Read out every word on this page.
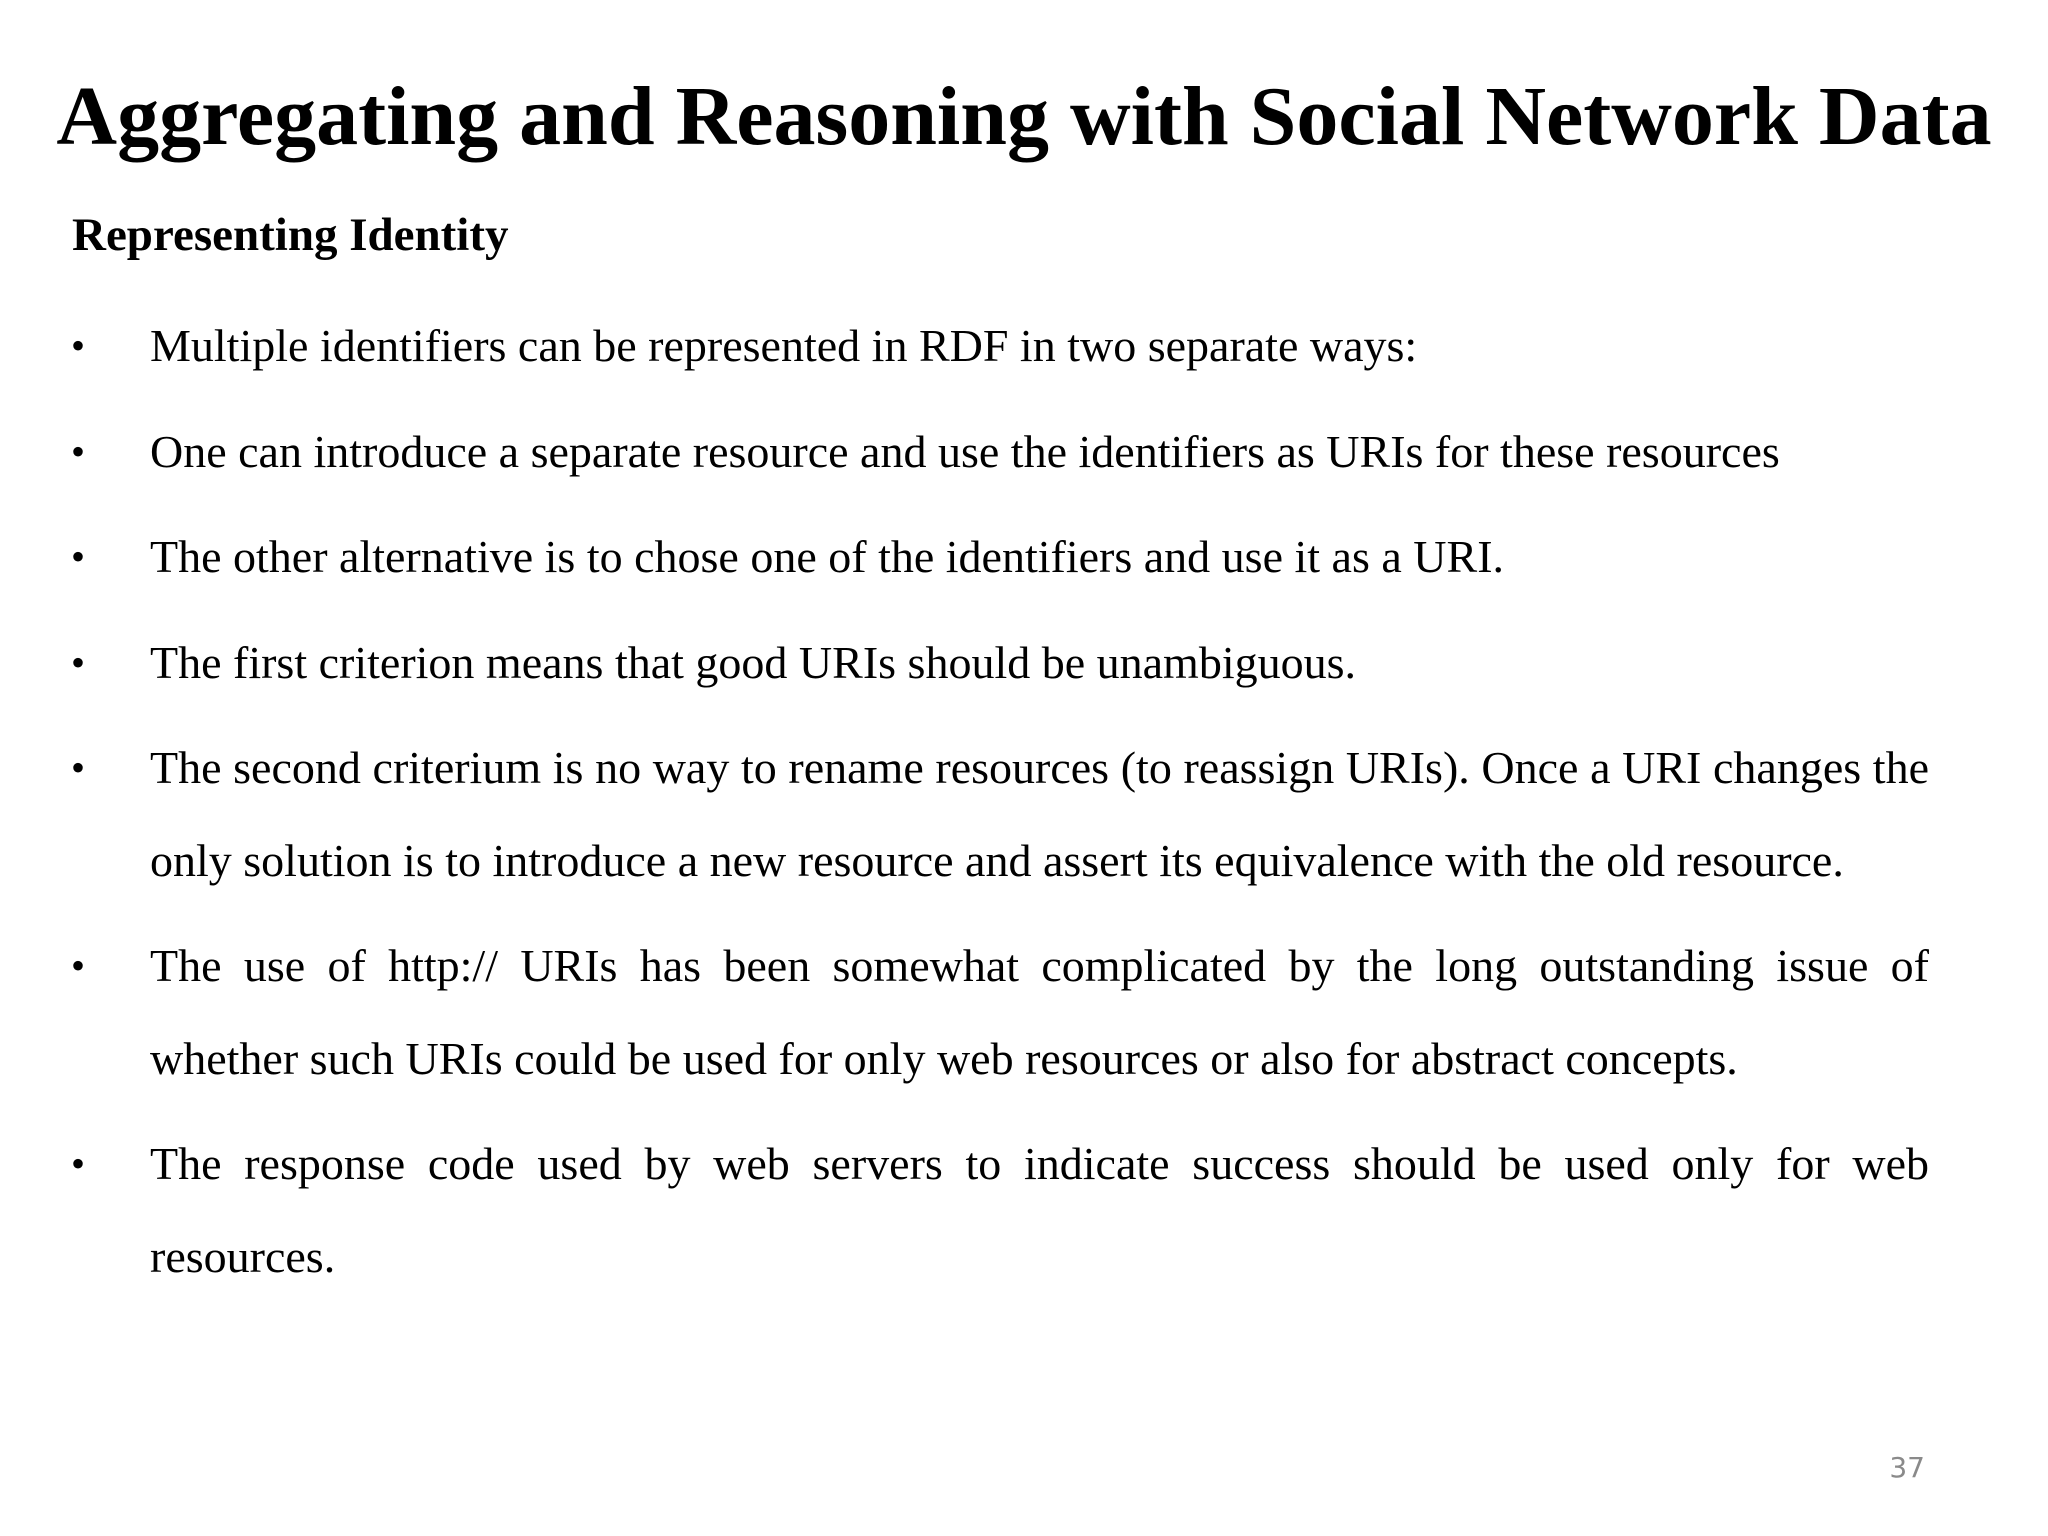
Aggregating and Reasoning with Social Network Data
Representing Identity
• Multiple identifiers can be represented in RDF in two separate ways:
• One can introduce a separate resource and use the identifiers as URIs for these resources
• The other alternative is to chose one of the identifiers and use it as a URI.
• The first criterion means that good URIs should be unambiguous.
• The second criterium is no way to rename resources (to reassign URIs). Once a URI changes the only solution is to introduce a new resource and assert its equivalence with the old resource.
• The use of http:// URIs has been somewhat complicated by the long outstanding issue of whether such URIs could be used for only web resources or also for abstract concepts.
• The response code used by web servers to indicate success should be used only for web resources.
37
